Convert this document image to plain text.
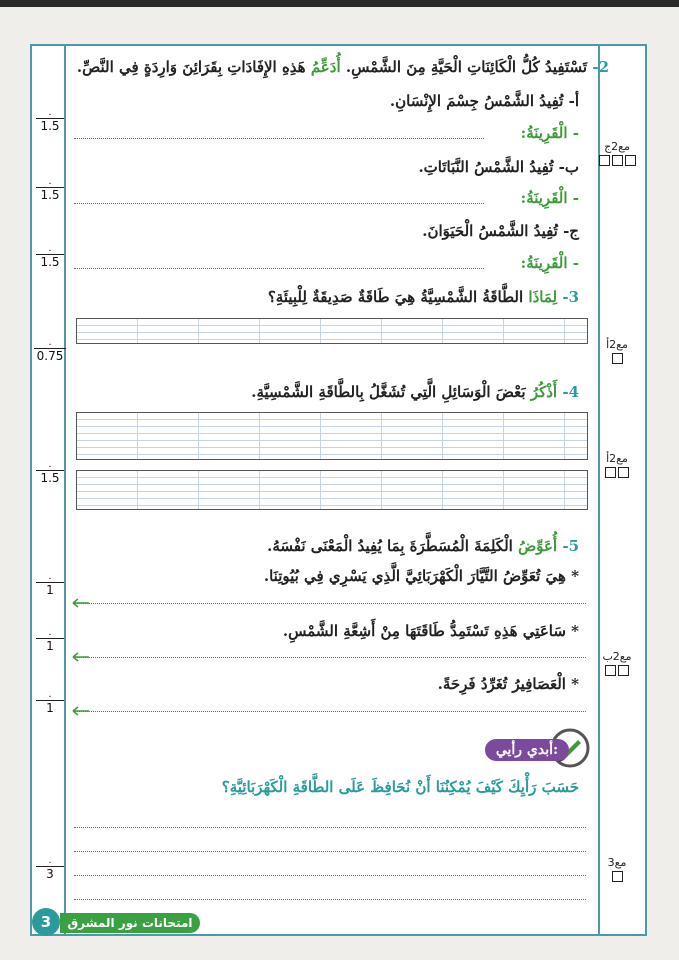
2- تَسْتَفِيدُ كُلُّ الْكَائِنَاتِ الْحَيَّةِ مِنَ الشَّمْسِ. أُدَعِّمُ هَذِهِ الإِفَادَاتِ بِقَرَائِنَ وَارِدَةٍ فِي النَّصِّ.
أ- تُفِيدُ الشَّمْسُ جِسْمَ الإِنْسَانِ.
- الْقَرِينَةُ:
.
1.5
ب- تُفِيدُ الشَّمْسُ النَّبَاتَاتِ.
- الْقَرِينَةُ:
.
1.5
ج- تُفِيدُ الشَّمْسُ الْحَيَوَانَ.
- الْقَرِينَةُ:
.
1.5
مع2ج
3- لِمَاذَا الطَّاقَةُ الشَّمْسِيَّةُ هِيَ طَاقَةٌ صَدِيقَةٌ لِلْبِيئَةِ؟
.
0.75
مع2أ
4- أَذْكُرُ بَعْضَ الْوَسَائِلِ الَّتِي تُشَغَّلُ بِالطَّاقَةِ الشَّمْسِيَّةِ.
.
1.5
مع2أ
5- أُعَوِّضُ الْكَلِمَةَ الْمُسَطَّرَةَ بِمَا يُفِيدُ الْمَعْنَى نَفْسَهُ.
* هِيَ تُعَوِّضُ التَّيَّارَ الْكَهْرَبَائِيَّ الَّذِي يَسْرِي فِي بُيُوتِنَا.
.
1
* سَاعَتِي هَذِهِ تَسْتَمِدُّ طَاقَتَهَا مِنْ أَشِعَّةِ الشَّمْسِ.
.
1
* الْعَصَافِيرُ تُغَرِّدُ فَرِحَةً.
.
1
مع2ب
أبدي رأيي:
حَسَبَ رَأْيِكَ كَيْفَ يُمْكِنُنَا أَنْ نُحَافِظَ عَلَى الطَّاقَةِ الْكَهْرَبَائِيَّةِ؟
.
3
مع3
امتحانات نور المشرق
3
